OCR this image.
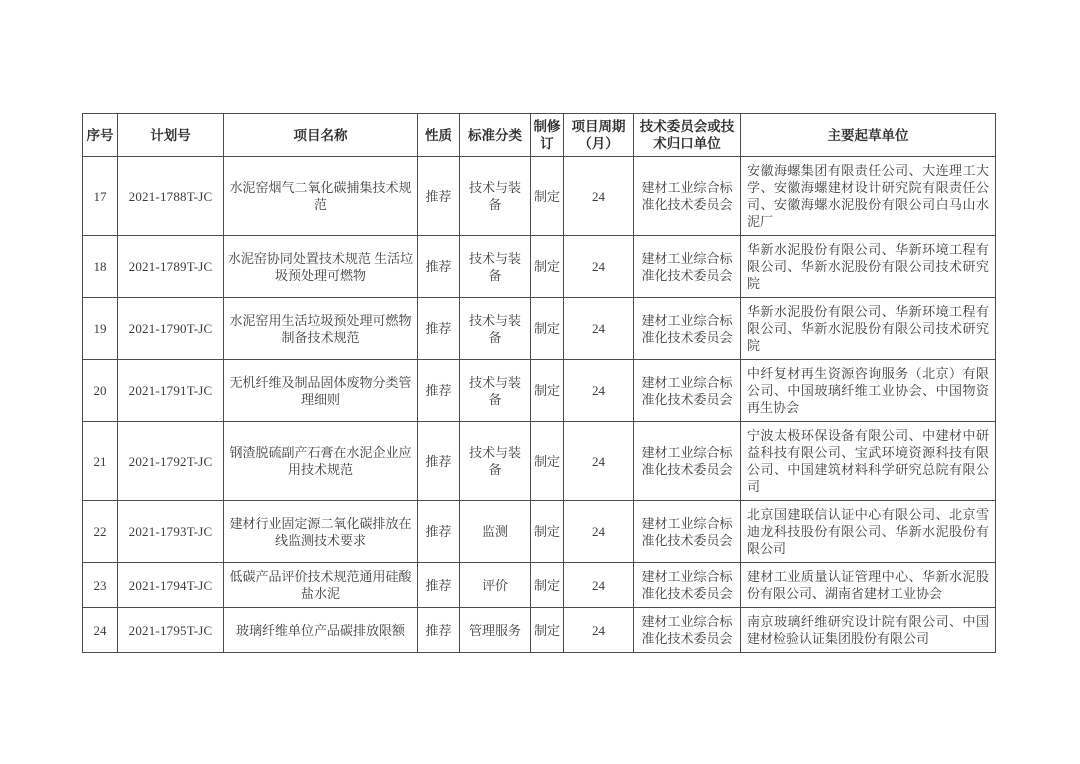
序号	计划号	项目名称	性质	标准分类	制修订	项目周期（月）	技术委员会或技术归口单位	主要起草单位
17	2021-1788T-JC	水泥窑烟气二氧化碳捕集技术规范	推荐	技术与装备	制定	24	建材工业综合标准化技术委员会	安徽海螺集团有限责任公司、大连理工大学、安徽海螺建材设计研究院有限责任公司、安徽海螺水泥股份有限公司白马山水泥厂
18	2021-1789T-JC	水泥窑协同处置技术规范 生活垃圾预处理可燃物	推荐	技术与装备	制定	24	建材工业综合标准化技术委员会	华新水泥股份有限公司、华新环境工程有限公司、华新水泥股份有限公司技术研究院
19	2021-1790T-JC	水泥窑用生活垃圾预处理可燃物制备技术规范	推荐	技术与装备	制定	24	建材工业综合标准化技术委员会	华新水泥股份有限公司、华新环境工程有限公司、华新水泥股份有限公司技术研究院
20	2021-1791T-JC	无机纤维及制品固体废物分类管理细则	推荐	技术与装备	制定	24	建材工业综合标准化技术委员会	中纤复材再生资源咨询服务（北京）有限公司、中国玻璃纤维工业协会、中国物资再生协会
21	2021-1792T-JC	钢渣脱硫副产石膏在水泥企业应用技术规范	推荐	技术与装备	制定	24	建材工业综合标准化技术委员会	宁波太极环保设备有限公司、中建材中研益科技有限公司、宝武环境资源科技有限公司、中国建筑材料科学研究总院有限公司
22	2021-1793T-JC	建材行业固定源二氧化碳排放在线监测技术要求	推荐	监测	制定	24	建材工业综合标准化技术委员会	北京国建联信认证中心有限公司、北京雪迪龙科技股份有限公司、华新水泥股份有限公司
23	2021-1794T-JC	低碳产品评价技术规范通用硅酸盐水泥	推荐	评价	制定	24	建材工业综合标准化技术委员会	建材工业质量认证管理中心、华新水泥股份有限公司、湖南省建材工业协会
24	2021-1795T-JC	玻璃纤维单位产品碳排放限额	推荐	管理服务	制定	24	建材工业综合标准化技术委员会	南京玻璃纤维研究设计院有限公司、中国建材检验认证集团股份有限公司
